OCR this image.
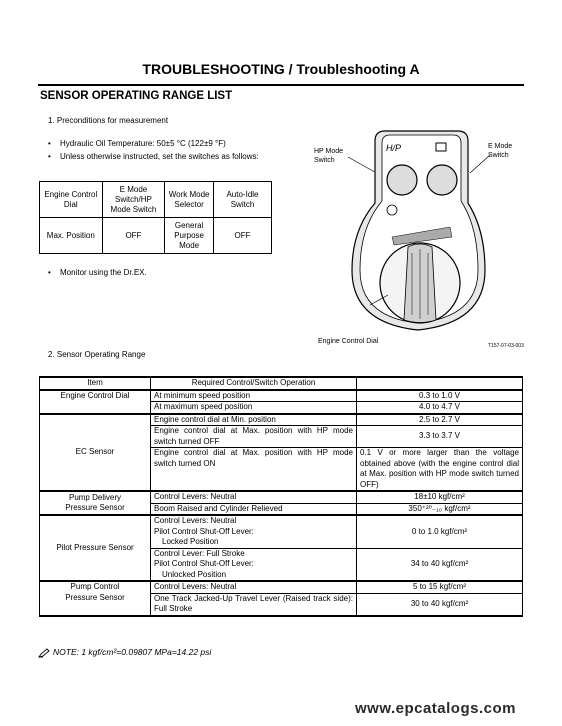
TROUBLESHOOTING / Troubleshooting A
SENSOR OPERATING RANGE LIST
1. Preconditions for measurement
• Hydraulic Oil Temperature: 50±5 °C (122±9 °F)
• Unless otherwise instructed, set the switches as follows:
Engine Control Dial	E Mode Switch/HP Mode Switch	Work Mode Selector	Auto-Idle Switch
Max. Position	OFF	General Purpose Mode	OFF
• Monitor using the Dr.EX.
HP Mode
Switch
E Mode
Switch
H/P
Engine Control Dial
T157-07-03-003
2. Sensor Operating Range
Item	Required Control/Switch Operation	
Engine Control Dial	At minimum speed position	0.3 to 1.0 V
	At maximum speed position	4.0 to 4.7 V
EC Sensor	Engine control dial at Min. position	2.5 to 2.7 V
	Engine control dial at Max. position with HP mode switch turned OFF	3.3 to 3.7 V
	Engine control dial at Max. position with HP mode switch turned ON	0.1 V or more larger than the voltage obtained above (with the engine control dial at Max. position with HP mode switch turned OFF)
Pump Delivery
Pressure Sensor	Control Levers: Neutral	18±10 kgf/cm²
	Boom Raised and Cylinder Relieved	350⁺²⁰₋₁₀ kgf/cm²
Pilot Pressure Sensor	Control Levers: Neutral
Pilot Control Shut-Off Lever:
Locked Position	0 to 1.0 kgf/cm²

	Control Lever: Full Stroke
Pilot Control Shut-Off Lever:
Unlocked Position	34 to 40 kgf/cm²
Pump Control
Pressure Sensor	Control Levers: Neutral	5 to 15 kgf/cm²
	One Track Jacked-Up Travel Lever (Raised track side): Full Stroke	30 to 40 kgf/cm²
NOTE: 1 kgf/cm²=0.09807 MPa=14.22 psi
www.epcatalogs.com
